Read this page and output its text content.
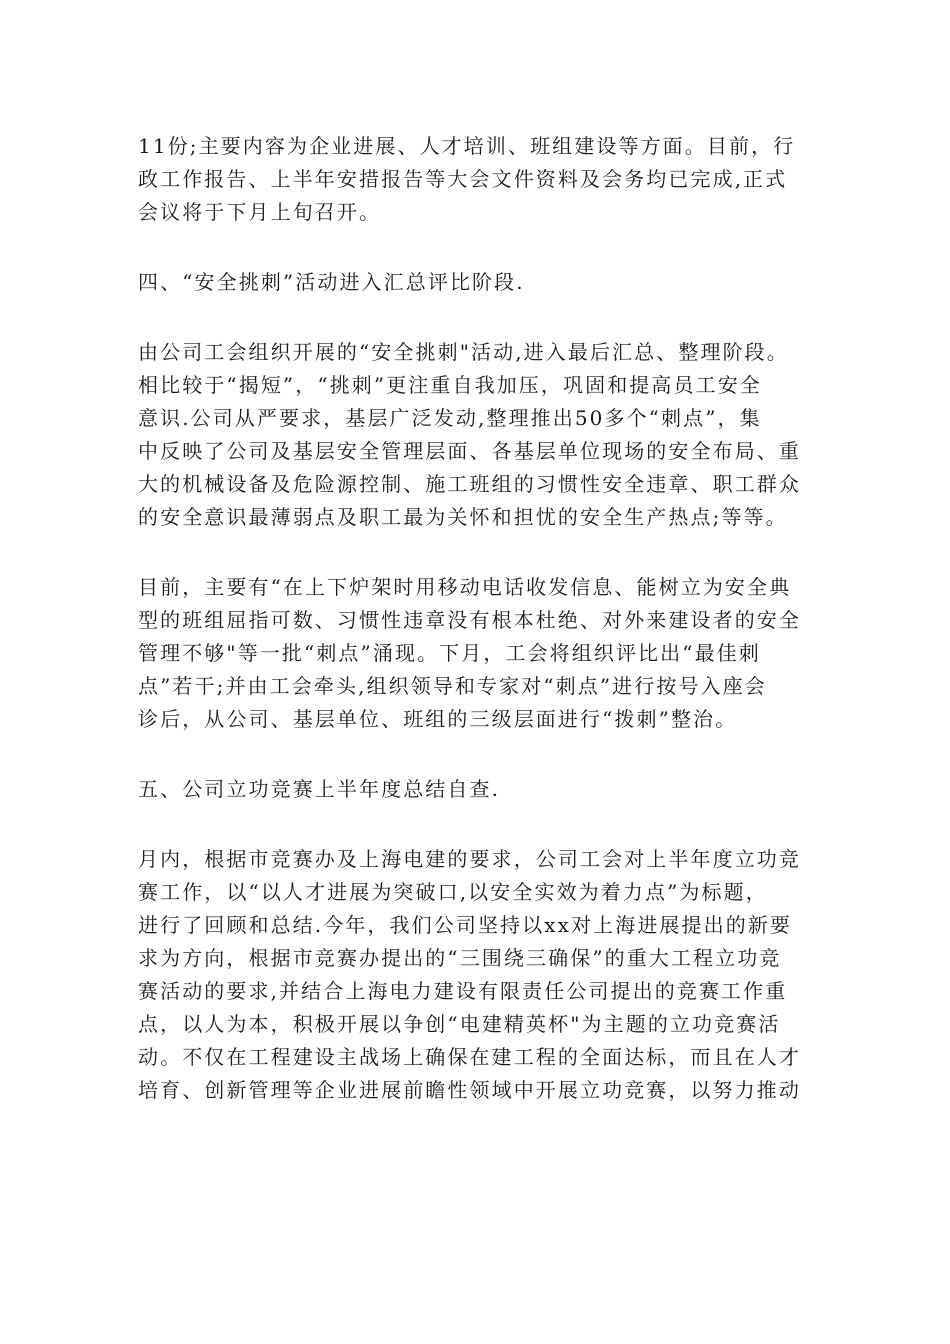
11份;主要内容为企业进展、人才培训、班组建设等方面。目前，行
政工作报告、上半年安措报告等大会文件资料及会务均已完成,正式
会议将于下月上旬召开。
四、“安全挑刺”活动进入汇总评比阶段.
由公司工会组织开展的“安全挑刺"活动,进入最后汇总、整理阶段。
相比较于“揭短”，“挑刺”更注重自我加压，巩固和提高员工安全
意识.公司从严要求，基层广泛发动,整理推出50多个“刺点”，集
中反映了公司及基层安全管理层面、各基层单位现场的安全布局、重
大的机械设备及危险源控制、施工班组的习惯性安全违章、职工群众
的安全意识最薄弱点及职工最为关怀和担忧的安全生产热点;等等。
目前，主要有“在上下炉架时用移动电话收发信息、能树立为安全典
型的班组屈指可数、习惯性违章没有根本杜绝、对外来建设者的安全
管理不够"等一批“刺点”涌现。下月，工会将组织评比出“最佳刺
点”若干;并由工会牵头,组织领导和专家对“刺点”进行按号入座会
诊后，从公司、基层单位、班组的三级层面进行“拨刺”整治。
五、公司立功竞赛上半年度总结自查.
月内，根据市竞赛办及上海电建的要求，公司工会对上半年度立功竞
赛工作，以“以人才进展为突破口,以安全实效为着力点”为标题，
进行了回顾和总结.今年，我们公司坚持以xx对上海进展提出的新要
求为方向，根据市竞赛办提出的“三围绕三确保”的重大工程立功竞
赛活动的要求,并结合上海电力建设有限责任公司提出的竞赛工作重
点，以人为本，积极开展以争创“电建精英杯"为主题的立功竞赛活
动。不仅在工程建设主战场上确保在建工程的全面达标，而且在人才
培育、创新管理等企业进展前瞻性领域中开展立功竞赛，以努力推动
